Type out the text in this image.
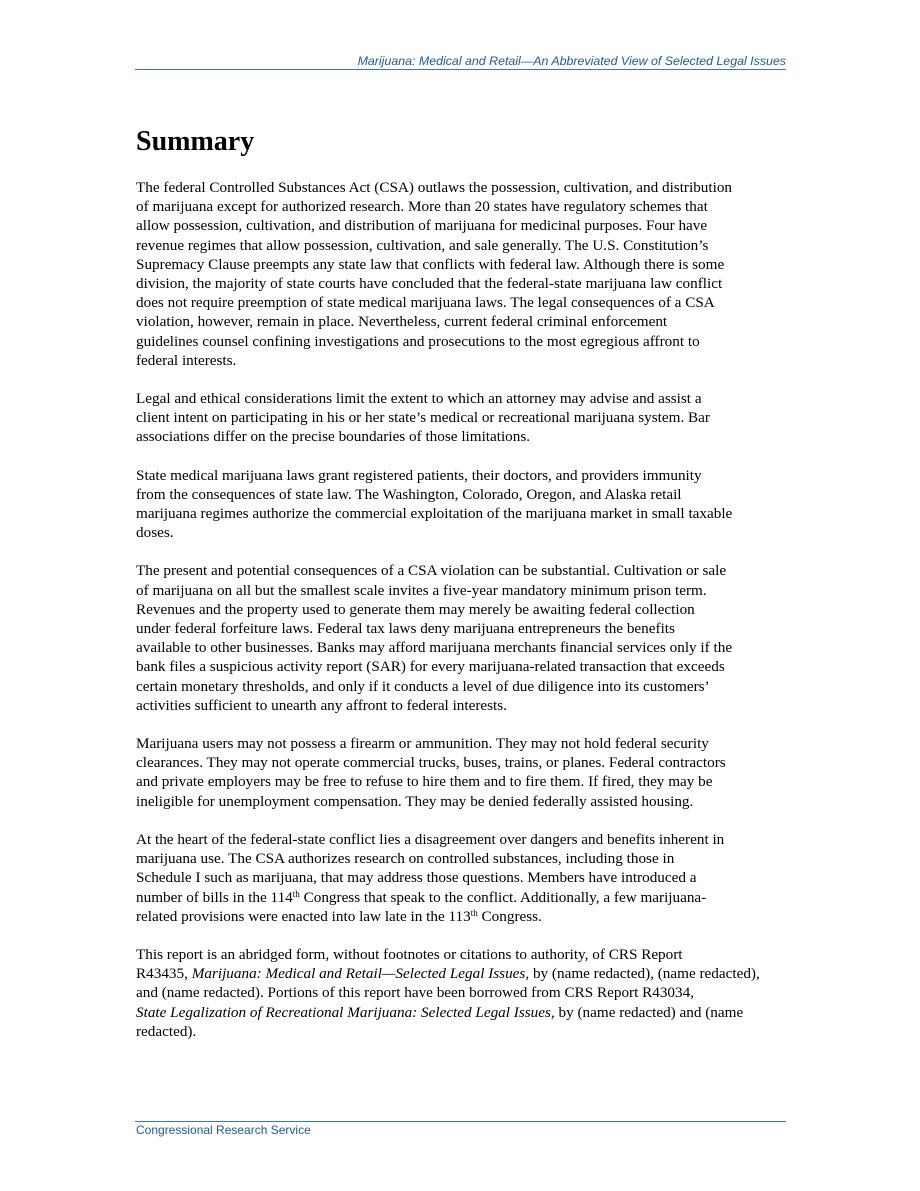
Marijuana: Medical and Retail—An Abbreviated View of Selected Legal Issues
Summary

The federal Controlled Substances Act (CSA) outlaws the possession, cultivation, and distribution
of marijuana except for authorized research. More than 20 states have regulatory schemes that
allow possession, cultivation, and distribution of marijuana for medicinal purposes. Four have
revenue regimes that allow possession, cultivation, and sale generally. The U.S. Constitution’s
Supremacy Clause preempts any state law that conflicts with federal law. Although there is some
division, the majority of state courts have concluded that the federal-state marijuana law conflict
does not require preemption of state medical marijuana laws. The legal consequences of a CSA
violation, however, remain in place. Nevertheless, current federal criminal enforcement
guidelines counsel confining investigations and prosecutions to the most egregious affront to
federal interests.

Legal and ethical considerations limit the extent to which an attorney may advise and assist a
client intent on participating in his or her state’s medical or recreational marijuana system. Bar
associations differ on the precise boundaries of those limitations.

State medical marijuana laws grant registered patients, their doctors, and providers immunity
from the consequences of state law. The Washington, Colorado, Oregon, and Alaska retail
marijuana regimes authorize the commercial exploitation of the marijuana market in small taxable
doses.

The present and potential consequences of a CSA violation can be substantial. Cultivation or sale
of marijuana on all but the smallest scale invites a five-year mandatory minimum prison term.
Revenues and the property used to generate them may merely be awaiting federal collection
under federal forfeiture laws. Federal tax laws deny marijuana entrepreneurs the benefits
available to other businesses. Banks may afford marijuana merchants financial services only if the
bank files a suspicious activity report (SAR) for every marijuana-related transaction that exceeds
certain monetary thresholds, and only if it conducts a level of due diligence into its customers’
activities sufficient to unearth any affront to federal interests.

Marijuana users may not possess a firearm or ammunition. They may not hold federal security
clearances. They may not operate commercial trucks, buses, trains, or planes. Federal contractors
and private employers may be free to refuse to hire them and to fire them. If fired, they may be
ineligible for unemployment compensation. They may be denied federally assisted housing.

At the heart of the federal-state conflict lies a disagreement over dangers and benefits inherent in
marijuana use. The CSA authorizes research on controlled substances, including those in
Schedule I such as marijuana, that may address those questions. Members have introduced a
number of bills in the 114th Congress that speak to the conflict. Additionally, a few marijuana-
related provisions were enacted into law late in the 113th Congress.

This report is an abridged form, without footnotes or citations to authority, of CRS Report
R43435, Marijuana: Medical and Retail—Selected Legal Issues, by (name redacted), (name redacted),
and (name redacted). Portions of this report have been borrowed from CRS Report R43034,
State Legalization of Recreational Marijuana: Selected Legal Issues, by (name redacted) and (name
redacted).

Congressional Research Service
